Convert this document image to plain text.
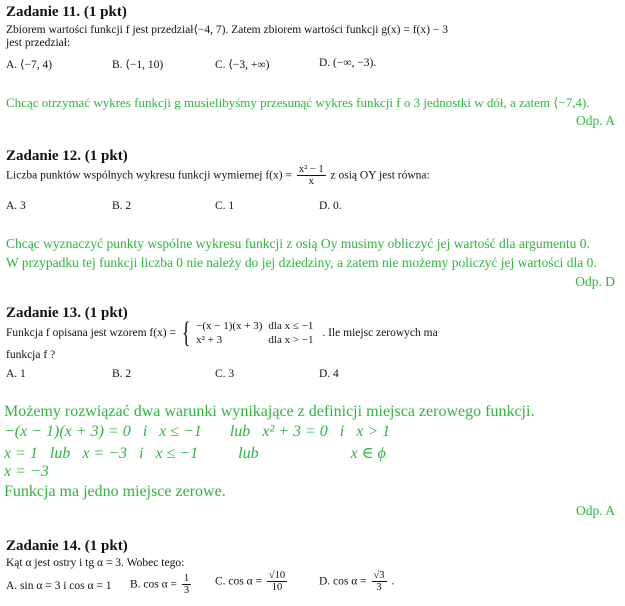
Zadanie 11. (1 pkt)
Zbiorem wartości funkcji f jest przedział⟨−4, 7). Zatem zbiorem wartości funkcji g(x) = f(x) − 3
jest przedział:
A. ⟨−7, 4)	B. ⟨−1, 10)	C. ⟨−3, +∞)	D. (−∞, −3).
Chcąc otrzymać wykres funkcji g musielibyśmy przesunąć wykres funkcji f o 3 jednostki w dół, a zatem ⟨−7,4).
Odp. A
Zadanie 12. (1 pkt)
Liczba punktów wspólnych wykresu funkcji wymiernej $f(x) = \frac{\text{x² − 1}}{x}$ z osią OY jest równa:
A. 3	B. 2	C. 1	D. 0.
Chcąc wyznaczyć punkty wspólne wykresu funkcji z osią Oy musimy obliczyć jej wartość dla argumentu 0.
W przypadku tej funkcji liczba 0 nie należy do jej dziedziny, a zatem nie możemy policzyć jej wartości dla 0.
Odp. D
Zadanie 13. (1 pkt)
Funkcja f opisana jest wzorem f(x) = { −(x − 1)(x + 3)	dla x ≤ −1
x² + 3	dla x > −1 . Ile miejsc zerowych ma
funkcja f ?
A. 1	B. 2	C. 3	D. 4
Możemy rozwiązać dwa warunki wynikające z definicji miejsca zerowego funkcji.
−(x − 1)(x + 3) = 0   i   x ≤ −1       lub   x² + 3 = 0   i   x > 1
x = 1   lub   x = −3   i   x ≤ −1          lub                       x ∈ ϕ
x = −3
Funkcja ma jedno miejsce zerowe.
Odp. A
Zadanie 14. (1 pkt)
Kąt α jest ostry i tg α = 3. Wobec tego:
A. sin α = 3 i cos α = 1 B. $\cos \alpha = \frac{1}{3} C$. $\cos \alpha = \frac{√10}{10}$	D. $\cos \alpha = \frac{√3}{3}$ .
